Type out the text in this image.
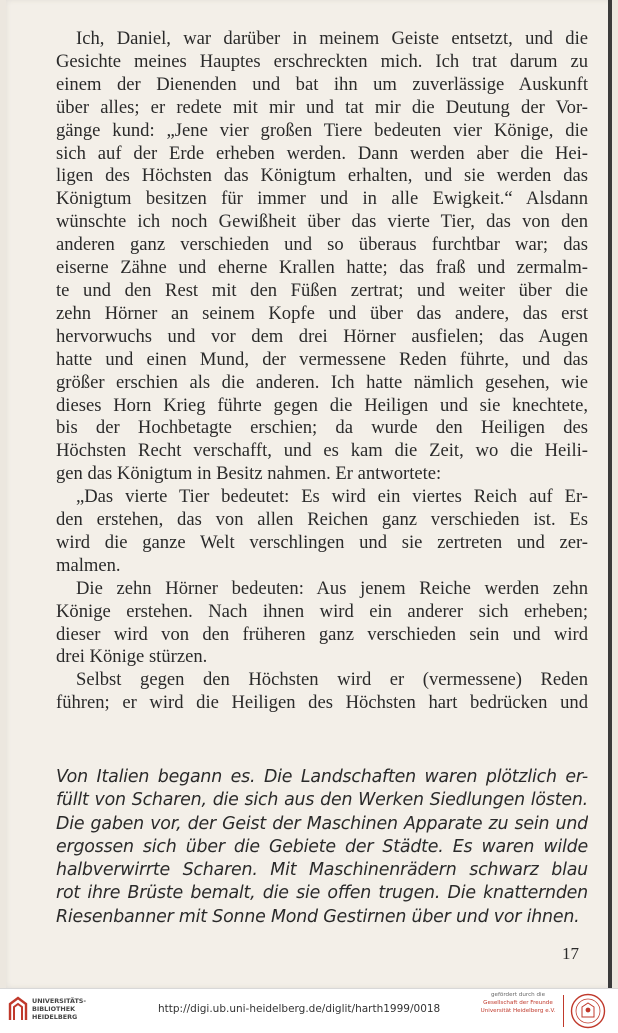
Ich, Daniel, war darüber in meinem Geiste entsetzt, und die
Gesichte meines Hauptes erschreckten mich. Ich trat darum zu
einem der Dienenden und bat ihn um zuverlässige Auskunft
über alles; er redete mit mir und tat mir die Deutung der Vor-
gänge kund: „Jene vier großen Tiere bedeuten vier Könige, die
sich auf der Erde erheben werden. Dann werden aber die Hei-
ligen des Höchsten das Königtum erhalten, und sie werden das
Königtum besitzen für immer und in alle Ewigkeit.“ Alsdann
wünschte ich noch Gewißheit über das vierte Tier, das von den
anderen ganz verschieden und so überaus furchtbar war; das
eiserne Zähne und eherne Krallen hatte; das fraß und zermalm-
te und den Rest mit den Füßen zertrat; und weiter über die
zehn Hörner an seinem Kopfe und über das andere, das erst
hervorwuchs und vor dem drei Hörner ausfielen; das Augen
hatte und einen Mund, der vermessene Reden führte, und das
größer erschien als die anderen. Ich hatte nämlich gesehen, wie
dieses Horn Krieg führte gegen die Heiligen und sie knechtete,
bis der Hochbetagte erschien; da wurde den Heiligen des
Höchsten Recht verschafft, und es kam die Zeit, wo die Heili-
gen das Königtum in Besitz nahmen. Er antwortete:
„Das vierte Tier bedeutet: Es wird ein viertes Reich auf Er-
den erstehen, das von allen Reichen ganz verschieden ist. Es
wird die ganze Welt verschlingen und sie zertreten und zer-
malmen.
Die zehn Hörner bedeuten: Aus jenem Reiche werden zehn
Könige erstehen. Nach ihnen wird ein anderer sich erheben;
dieser wird von den früheren ganz verschieden sein und wird
drei Könige stürzen.
Selbst gegen den Höchsten wird er (vermessene) Reden
führen; er wird die Heiligen des Höchsten hart bedrücken und
Von Italien begann es. Die Landschaften waren plötzlich er-
füllt von Scharen, die sich aus den Werken Siedlungen lösten.
Die gaben vor, der Geist der Maschinen Apparate zu sein und
ergossen sich über die Gebiete der Städte. Es waren wilde
halbverwirrte Scharen. Mit Maschinenrädern schwarz blau
rot ihre Brüste bemalt, die sie offen trugen. Die knatternden
Riesenbanner mit Sonne Mond Gestirnen über und vor ihnen.
17
UNIVERSITÄTS-
BIBLIOTHEK
HEIDELBERG
http://digi.ub.uni-heidelberg.de/diglit/harth1999/0018
gefördert durch die
Gesellschaft der Freunde
Universität Heidelberg e.V.
